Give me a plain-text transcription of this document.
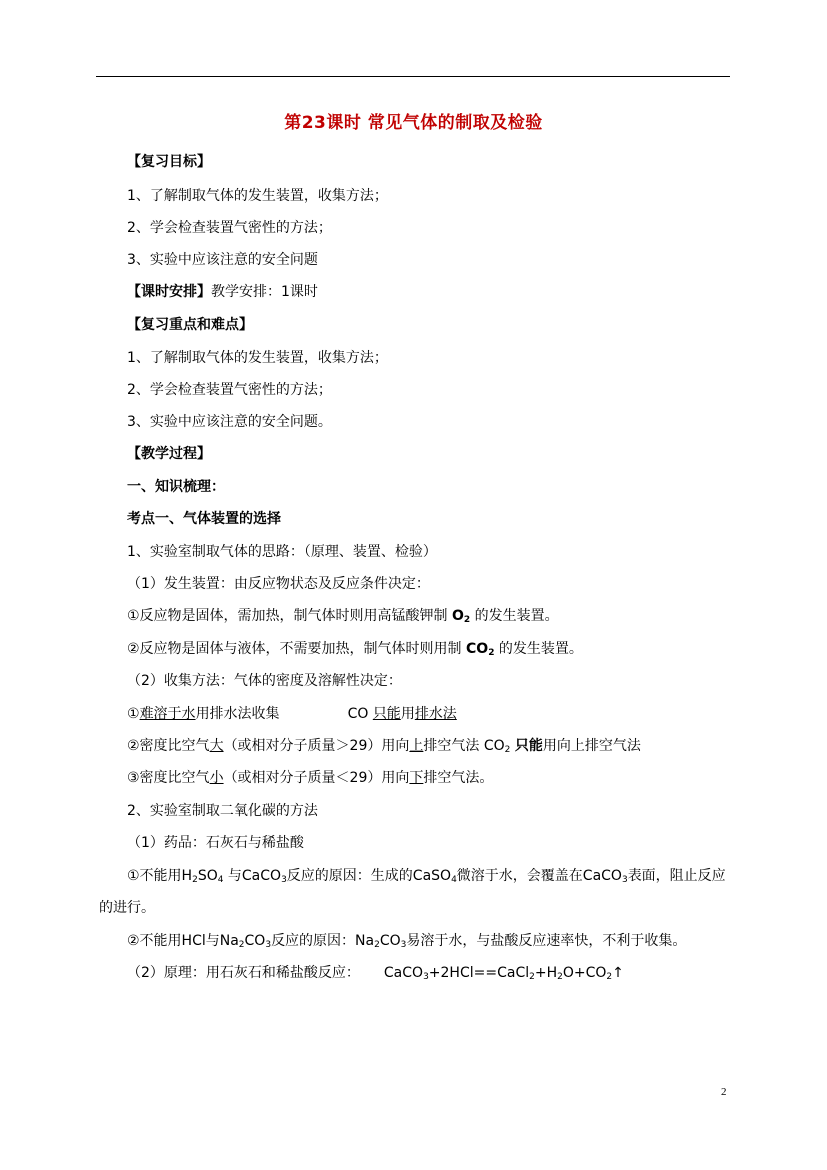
第23课时 常见气体的制取及检验
【复习目标】
1、了解制取气体的发生装置，收集方法；
2、学会检查装置气密性的方法；
3、实验中应该注意的安全问题
【课时安排】教学安排：1课时
【复习重点和难点】
1、了解制取气体的发生装置，收集方法；
2、学会检查装置气密性的方法；
3、实验中应该注意的安全问题。
【教学过程】
一、知识梳理：
考点一、气体装置的选择
1、实验室制取气体的思路：（原理、装置、检验）
（1）发生装置：由反应物状态及反应条件决定：
①反应物是固体，需加热，制气体时则用高锰酸钾制 $O_2$ 的发生装置。
②反应物是固体与液体，不需要加热，制气体时则用制 $CO_2$ 的发生装置。
（2）收集方法：气体的密度及溶解性决定：
①难溶于水用排水法收集	CO 只能用排水法
②密度比空气大（或相对分子质量＞29）用向上排空气法 $CO_2$ 只能用向上排空气法
③密度比空气小（或相对分子质量＜29）用向下排空气法。
2、实验室制取二氧化碳的方法
（1）药品：石灰石与稀盐酸
①不能用$H_2SO_4$ 与CaCO$_3$反应的原因：生成的CaSO$_4$微溶于水，会覆盖在CaCO$_3$表面，阻止反应
的进行。
②不能用HCl与$Na_2CO_3$反应的原因：$Na_2CO_3$易溶于水，与盐酸反应速率快，不利于收集。
（2）原理：用石灰石和稀盐酸反应： $CaCO_3+2HCl==CaCl_2+H_2O+CO_2↑$
2
